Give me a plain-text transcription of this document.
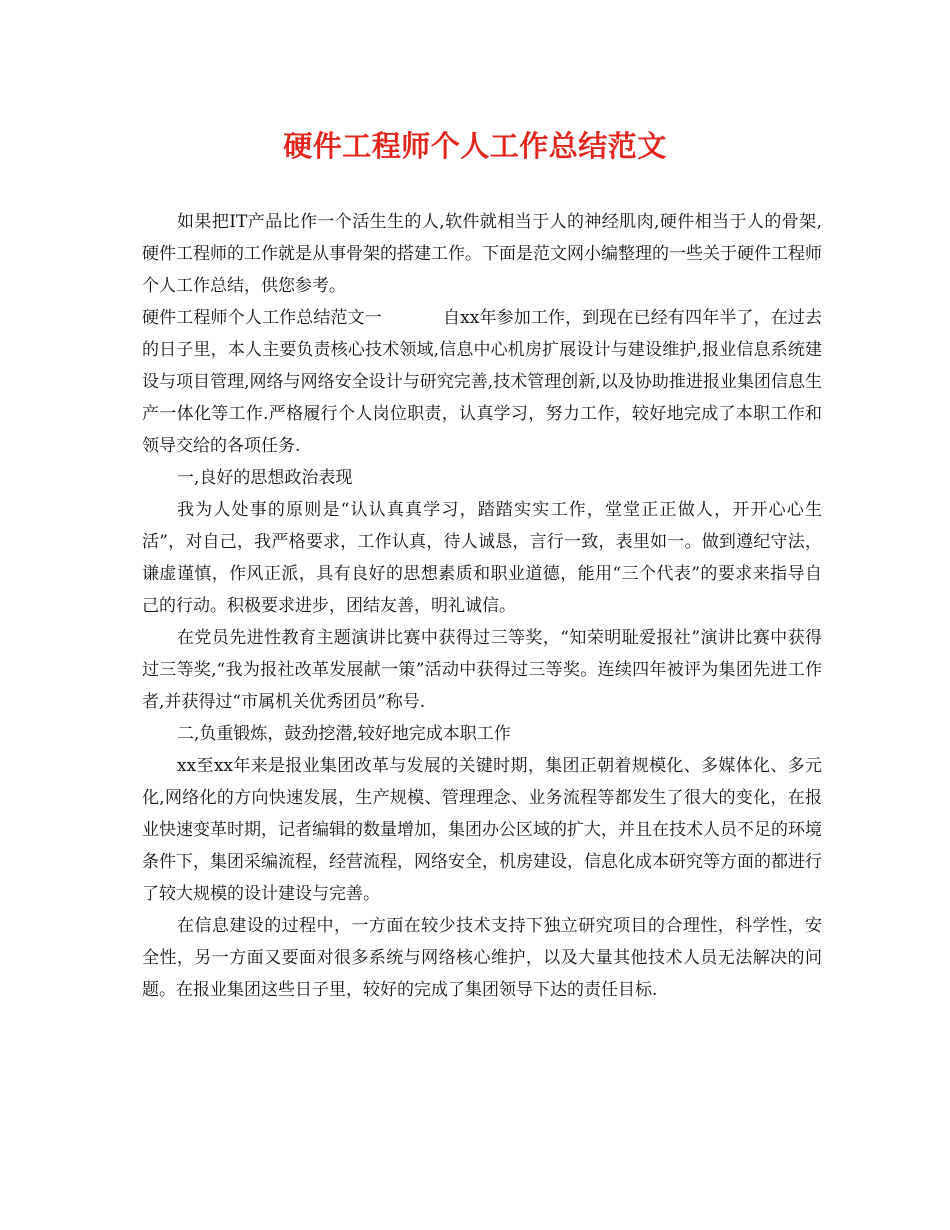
硬件工程师个人工作总结范文

如果把IT产品比作一个活生生的人,软件就相当于人的神经肌肉,硬件相当于人的骨架,硬件工程师的工作就是从事骨架的搭建工作。下面是范文网小编整理的一些关于硬件工程师个人工作总结，供您参考。

硬件工程师个人工作总结范文一	自xx年参加工作，到现在已经有四年半了，在过去的日子里，本人主要负责核心技术领域,信息中心机房扩展设计与建设维护,报业信息系统建设与项目管理,网络与网络安全设计与研究完善,技术管理创新,以及协助推进报业集团信息生产一体化等工作.严格履行个人岗位职责，认真学习，努力工作，较好地完成了本职工作和领导交给的各项任务.

一,良好的思想政治表现

我为人处事的原则是“认认真真学习，踏踏实实工作，堂堂正正做人，开开心心生活”，对自己，我严格要求，工作认真，待人诚恳，言行一致，表里如一。做到遵纪守法，谦虚谨慎，作风正派，具有良好的思想素质和职业道德，能用“三个代表”的要求来指导自己的行动。积极要求进步，团结友善，明礼诚信。

在党员先进性教育主题演讲比赛中获得过三等奖，“知荣明耻爱报社”演讲比赛中获得过三等奖,“我为报社改革发展献一策”活动中获得过三等奖。连续四年被评为集团先进工作者,并获得过“市属机关优秀团员”称号.

二,负重锻炼，鼓劲挖潜,较好地完成本职工作

xx至xx年来是报业集团改革与发展的关键时期，集团正朝着规模化、多媒体化、多元化,网络化的方向快速发展，生产规模、管理理念、业务流程等都发生了很大的变化，在报业快速变革时期，记者编辑的数量增加，集团办公区域的扩大，并且在技术人员不足的环境条件下，集团采编流程，经营流程，网络安全，机房建设，信息化成本研究等方面的都进行了较大规模的设计建设与完善。

在信息建设的过程中，一方面在较少技术支持下独立研究项目的合理性，科学性，安全性，另一方面又要面对很多系统与网络核心维护，以及大量其他技术人员无法解决的问题。在报业集团这些日子里，较好的完成了集团领导下达的责任目标.
